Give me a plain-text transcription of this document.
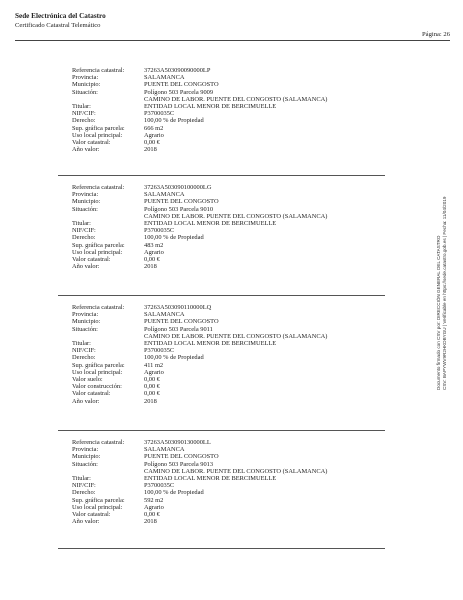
Sede Electrónica del Catastro
Certificado Catastral Telemático
Página: 26
Referencia catastral:	37263A503090090000LP
Provincia:	SALAMANCA
Municipio:	PUENTE DEL CONGOSTO
Situación:	Polígono 503 Parcela 9009
CAMINO DE LABOR. PUENTE DEL CONGOSTO (SALAMANCA)
Titular:	ENTIDAD LOCAL MENOR DE BERCIMUELLE
NIF/CIF:	P3700035C
Derecho:	100,00 % de Propiedad
Sup. gráfica parcela:	666 m2
Uso local principal:	Agrario
Valor catastral:	0,00 €
Año valor:	2018
Referencia catastral:	37263A503090100000LG
Provincia:	SALAMANCA
Municipio:	PUENTE DEL CONGOSTO
Situación:	Polígono 503 Parcela 9010
CAMINO DE LABOR. PUENTE DEL CONGOSTO (SALAMANCA)
Titular:	ENTIDAD LOCAL MENOR DE BERCIMUELLE
NIF/CIF:	P3700035C
Derecho:	100,00 % de Propiedad
Sup. gráfica parcela:	483 m2
Uso local principal:	Agrario
Valor catastral:	0,00 €
Año valor:	2018
Referencia catastral:	37263A503090110000LQ
Provincia:	SALAMANCA
Municipio:	PUENTE DEL CONGOSTO
Situación:	Polígono 503 Parcela 9011
CAMINO DE LABOR. PUENTE DEL CONGOSTO (SALAMANCA)
Titular:	ENTIDAD LOCAL MENOR DE BERCIMUELLE
NIF/CIF:	P3700035C
Derecho:	100,00 % de Propiedad
Sup. gráfica parcela:	411 m2
Uso local principal:	Agrario
Valor suelo:	0,00 €
Valor construcción:	0,00 €
Valor catastral:	0,00 €
Año valor:	2018
Referencia catastral:	37263A503090130000LL
Provincia:	SALAMANCA
Municipio:	PUENTE DEL CONGOSTO
Situación:	Polígono 503 Parcela 9013
CAMINO DE LABOR. PUENTE DEL CONGOSTO (SALAMANCA)
Titular:	ENTIDAD LOCAL MENOR DE BERCIMUELLE
NIF/CIF:	P3700035C
Derecho:	100,00 % de Propiedad
Sup. gráfica parcela:	592 m2
Uso local principal:	Agrario
Valor catastral:	0,00 €
Año valor:	2018
Documento firmado con CSV por: DIRECCIÓN GENERAL DEL CATASTRO CSV: BAPYWV9R2HKDBYGU | Verificable en https://sede.catastro.gob.es | Fecha: 11/04/2019
